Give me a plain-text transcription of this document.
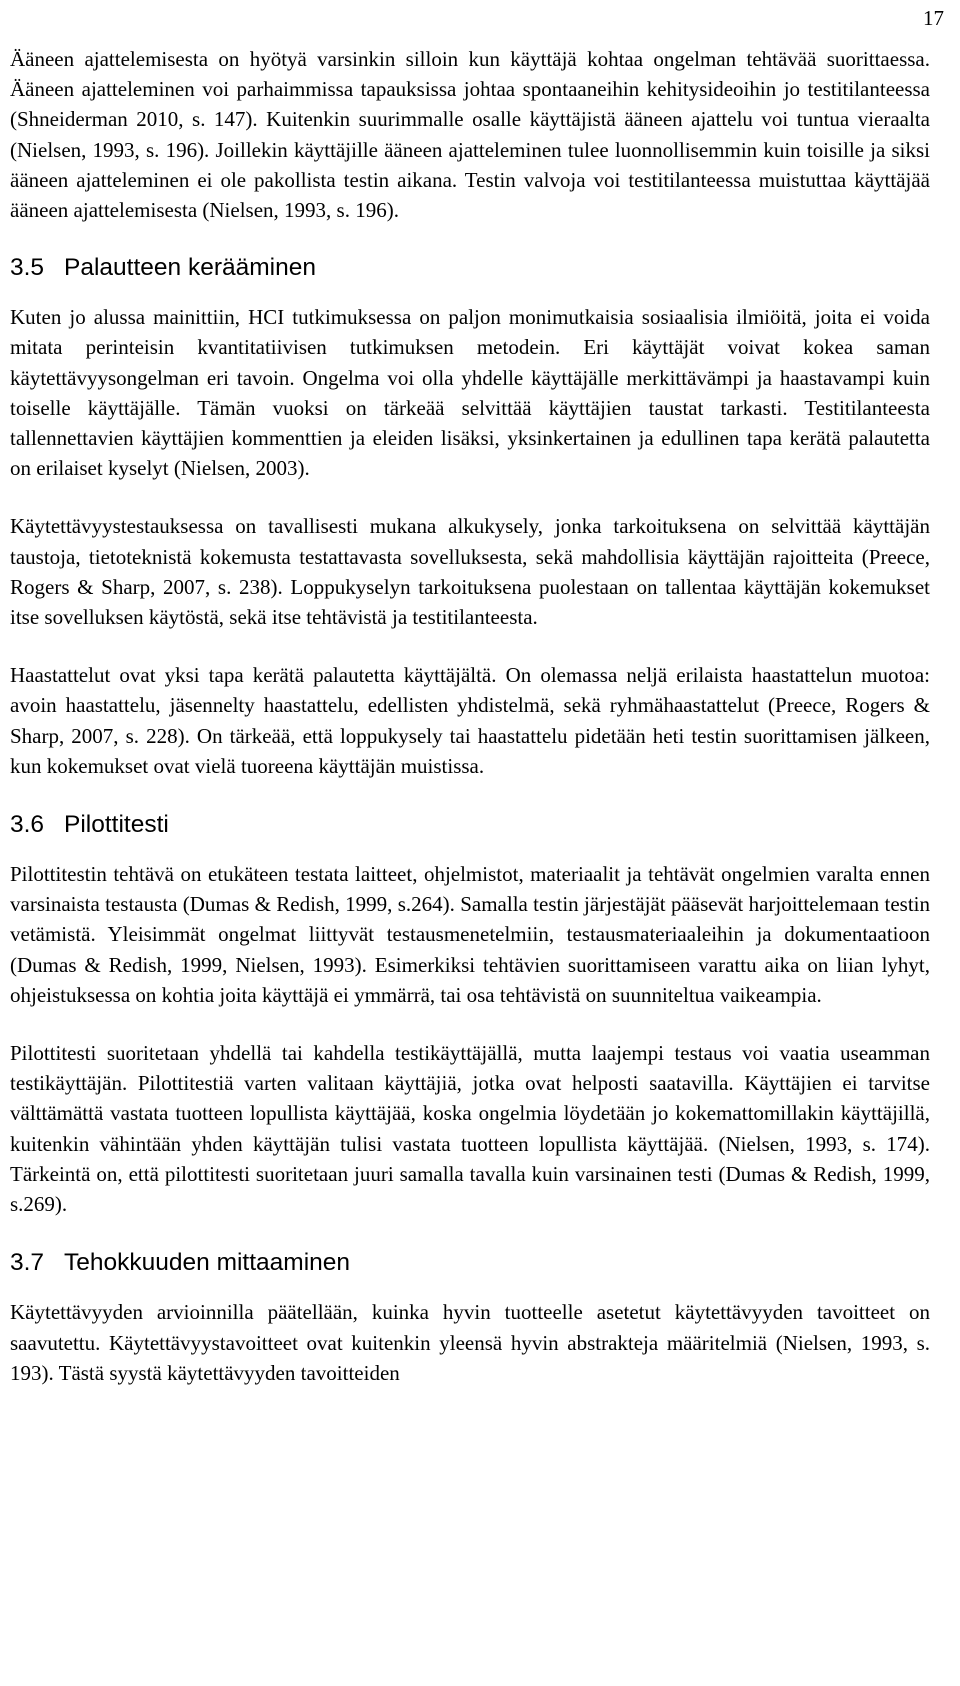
17

Ääneen ajattelemisesta on hyötyä varsinkin silloin kun käyttäjä kohtaa ongelman tehtävää suorittaessa. Ääneen ajatteleminen voi parhaimmissa tapauksissa johtaa spontaaneihin kehitysideoihin jo testitilanteessa (Shneiderman 2010, s. 147). Kuitenkin suurimmalle osalle käyttäjistä ääneen ajattelu voi tuntua vieraalta (Nielsen, 1993, s. 196). Joillekin käyttäjille ääneen ajatteleminen tulee luonnollisemmin kuin toisille ja siksi ääneen ajatteleminen ei ole pakollista testin aikana. Testin valvoja voi testitilanteessa muistuttaa käyttäjää ääneen ajattelemisesta (Nielsen, 1993, s. 196).

3.5 Palautteen kerääminen

Kuten jo alussa mainittiin, HCI tutkimuksessa on paljon monimutkaisia sosiaalisia ilmiöitä, joita ei voida mitata perinteisin kvantitatiivisen tutkimuksen metodein. Eri käyttäjät voivat kokea saman käytettävyysongelman eri tavoin. Ongelma voi olla yhdelle käyttäjälle merkittävämpi ja haastavampi kuin toiselle käyttäjälle. Tämän vuoksi on tärkeää selvittää käyttäjien taustat tarkasti. Testitilanteesta tallennettavien käyttäjien kommenttien ja eleiden lisäksi, yksinkertainen ja edullinen tapa kerätä palautetta on erilaiset kyselyt (Nielsen, 2003).

Käytettävyystestauksessa on tavallisesti mukana alkukysely, jonka tarkoituksena on selvittää käyttäjän taustoja, tietoteknistä kokemusta testattavasta sovelluksesta, sekä mahdollisia käyttäjän rajoitteita (Preece, Rogers & Sharp, 2007, s. 238). Loppukyselyn tarkoituksena puolestaan on tallentaa käyttäjän kokemukset itse sovelluksen käytöstä, sekä itse tehtävistä ja testitilanteesta.

Haastattelut ovat yksi tapa kerätä palautetta käyttäjältä. On olemassa neljä erilaista haastattelun muotoa: avoin haastattelu, jäsennelty haastattelu, edellisten yhdistelmä, sekä ryhmähaastattelut (Preece, Rogers & Sharp, 2007, s. 228). On tärkeää, että loppukysely tai haastattelu pidetään heti testin suorittamisen jälkeen, kun kokemukset ovat vielä tuoreena käyttäjän muistissa.

3.6 Pilottitesti

Pilottitestin tehtävä on etukäteen testata laitteet, ohjelmistot, materiaalit ja tehtävät ongelmien varalta ennen varsinaista testausta (Dumas & Redish, 1999, s.264). Samalla testin järjestäjät pääsevät harjoittelemaan testin vetämistä. Yleisimmät ongelmat liittyvät testausmenetelmiin, testausmateriaaleihin ja dokumentaatioon (Dumas & Redish, 1999, Nielsen, 1993). Esimerkiksi tehtävien suorittamiseen varattu aika on liian lyhyt, ohjeistuksessa on kohtia joita käyttäjä ei ymmärrä, tai osa tehtävistä on suunniteltua vaikeampia.

Pilottitesti suoritetaan yhdellä tai kahdella testikäyttäjällä, mutta laajempi testaus voi vaatia useamman testikäyttäjän. Pilottitestiä varten valitaan käyttäjiä, jotka ovat helposti saatavilla. Käyttäjien ei tarvitse välttämättä vastata tuotteen lopullista käyttäjää, koska ongelmia löydetään jo kokemattomillakin käyttäjillä, kuitenkin vähintään yhden käyttäjän tulisi vastata tuotteen lopullista käyttäjää. (Nielsen, 1993, s. 174). Tärkeintä on, että pilottitesti suoritetaan juuri samalla tavalla kuin varsinainen testi (Dumas & Redish, 1999, s.269).

3.7 Tehokkuuden mittaaminen

Käytettävyyden arvioinnilla päätellään, kuinka hyvin tuotteelle asetetut käytettävyyden tavoitteet on saavutettu. Käytettävyystavoitteet ovat kuitenkin yleensä hyvin abstrakteja määritelmiä (Nielsen, 1993, s. 193). Tästä syystä käytettävyyden tavoitteiden
